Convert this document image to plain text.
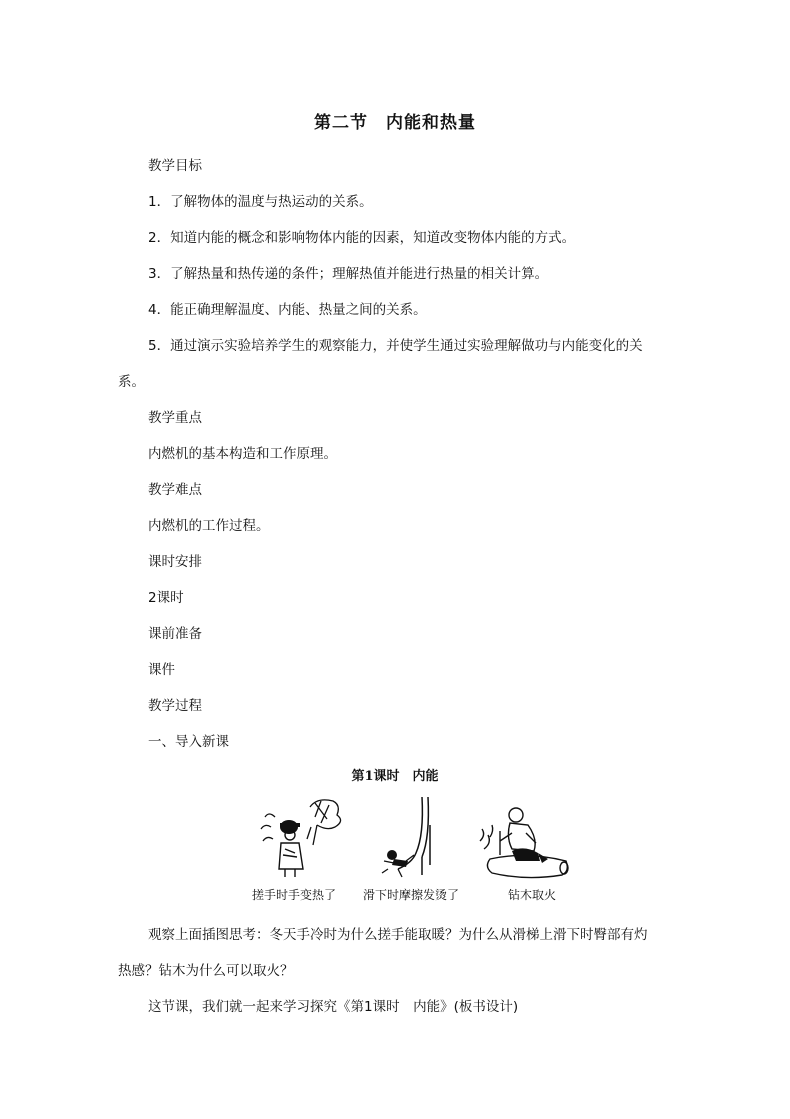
第二节　内能和热量
教学目标
1．了解物体的温度与热运动的关系。
2．知道内能的概念和影响物体内能的因素，知道改变物体内能的方式。
3．了解热量和热传递的条件；理解热值并能进行热量的相关计算。
4．能正确理解温度、内能、热量之间的关系。
5．通过演示实验培养学生的观察能力，并使学生通过实验理解做功与内能变化的关
系。
教学重点
内燃机的基本构造和工作原理。
教学难点
内燃机的工作过程。
课时安排
2课时
课前准备
课件
教学过程
一、导入新课
第1课时　内能
搓手时手变热了 滑下时摩擦发烫了	钻木取火
观察上面插图思考：冬天手冷时为什么搓手能取暖？为什么从滑梯上滑下时臀部有灼
热感？钻木为什么可以取火？
这节课，我们就一起来学习探究《第1课时　内能》(板书设计)
